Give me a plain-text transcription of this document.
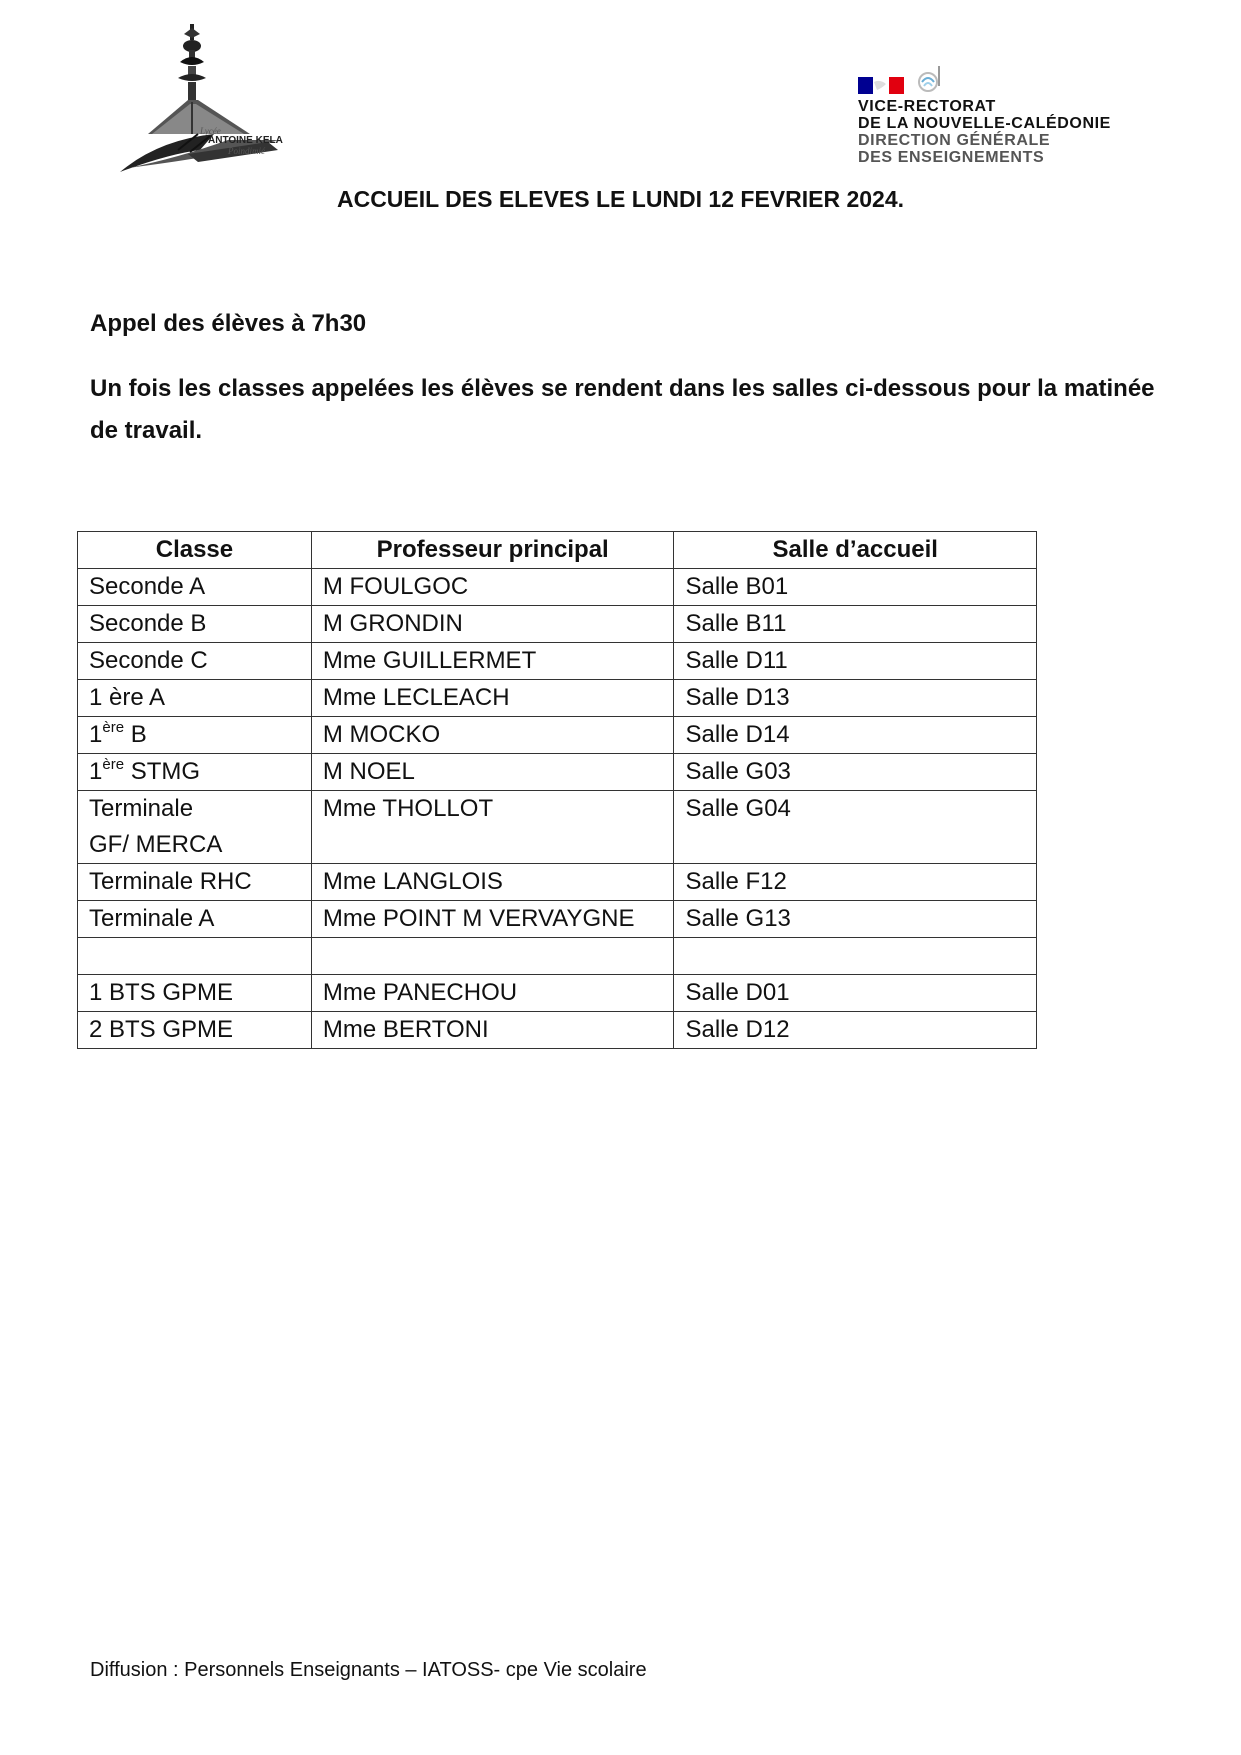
Lycée
ANTOINE KELA
Poindimié
VICE-RECTORAT
DE LA NOUVELLE-CALÉDONIE
DIRECTION GÉNÉRALE
DES ENSEIGNEMENTS
ACCUEIL DES ELEVES LE LUNDI 12 FEVRIER 2024.
Appel des élèves à 7h30
Un fois les classes appelées les élèves se rendent dans les salles ci-dessous pour la matinée de travail.
Classe	Professeur principal	Salle d’accueil
Seconde A	M FOULGOC	Salle B01
Seconde B	M GRONDIN	Salle B11
Seconde C	Mme GUILLERMET	Salle D11
1 ère A	Mme LECLEACH	Salle D13
1ère B	M MOCKO	Salle D14
1ère STMG	M NOEL	Salle G03
Terminale GF/ MERCA	Mme THOLLOT	Salle G04
Terminale RHC	Mme LANGLOIS	Salle F12
Terminale A	Mme POINT M VERVAYGNE	Salle G13

1 BTS GPME	Mme PANECHOU	Salle D01
2 BTS GPME	Mme BERTONI	Salle D12
Diffusion : Personnels Enseignants – IATOSS- cpe Vie scolaire
